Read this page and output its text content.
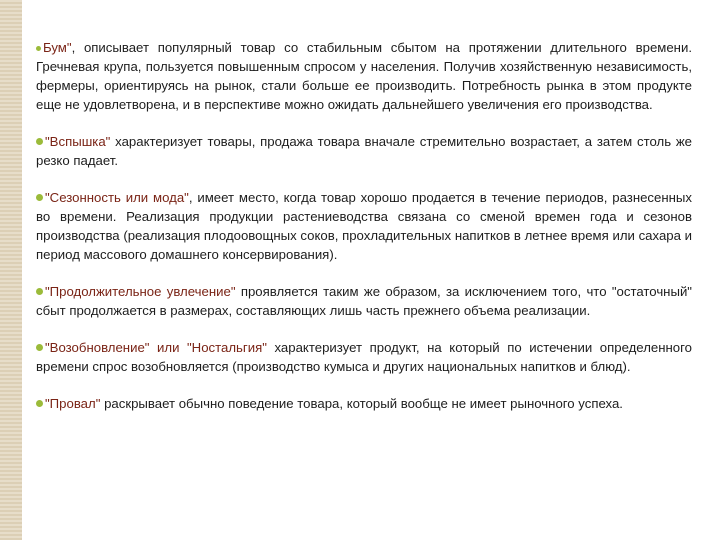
Бум", описывает популярный товар со стабильным сбытом на протяжении длительного времени. Гречневая крупа, пользуется повышенным спросом у населения. Получив хозяйственную независимость, фермеры, ориентируясь на рынок, стали больше ее производить. Потребность рынка в этом продукте еще не удовлетворена, и в перспективе можно ожидать дальнейшего увеличения его производства.

"Вспышка" характеризует товары, продажа товара вначале стремительно возрастает, а затем столь же резко падает.

"Сезонность или мода", имеет место, когда товар хорошо продается в течение периодов, разнесенных во времени. Реализация продукции растениеводства связана со сменой времен года и сезонов производства (реализация плодоовощных соков, прохладительных напитков в летнее время или сахара и период массового домашнего консервирования).

"Продолжительное увлечение" проявляется таким же образом, за исключением того, что "остаточный" сбыт продолжается в размерах, составляющих лишь часть прежнего объема реализации.

"Возобновление" или "Ностальгия" характеризует продукт, на который по истечении определенного времени спрос возобновляется (производство кумыса и других национальных напитков и блюд).

"Провал" раскрывает обычно поведение товара, который вообще не имеет рыночного успеха.
